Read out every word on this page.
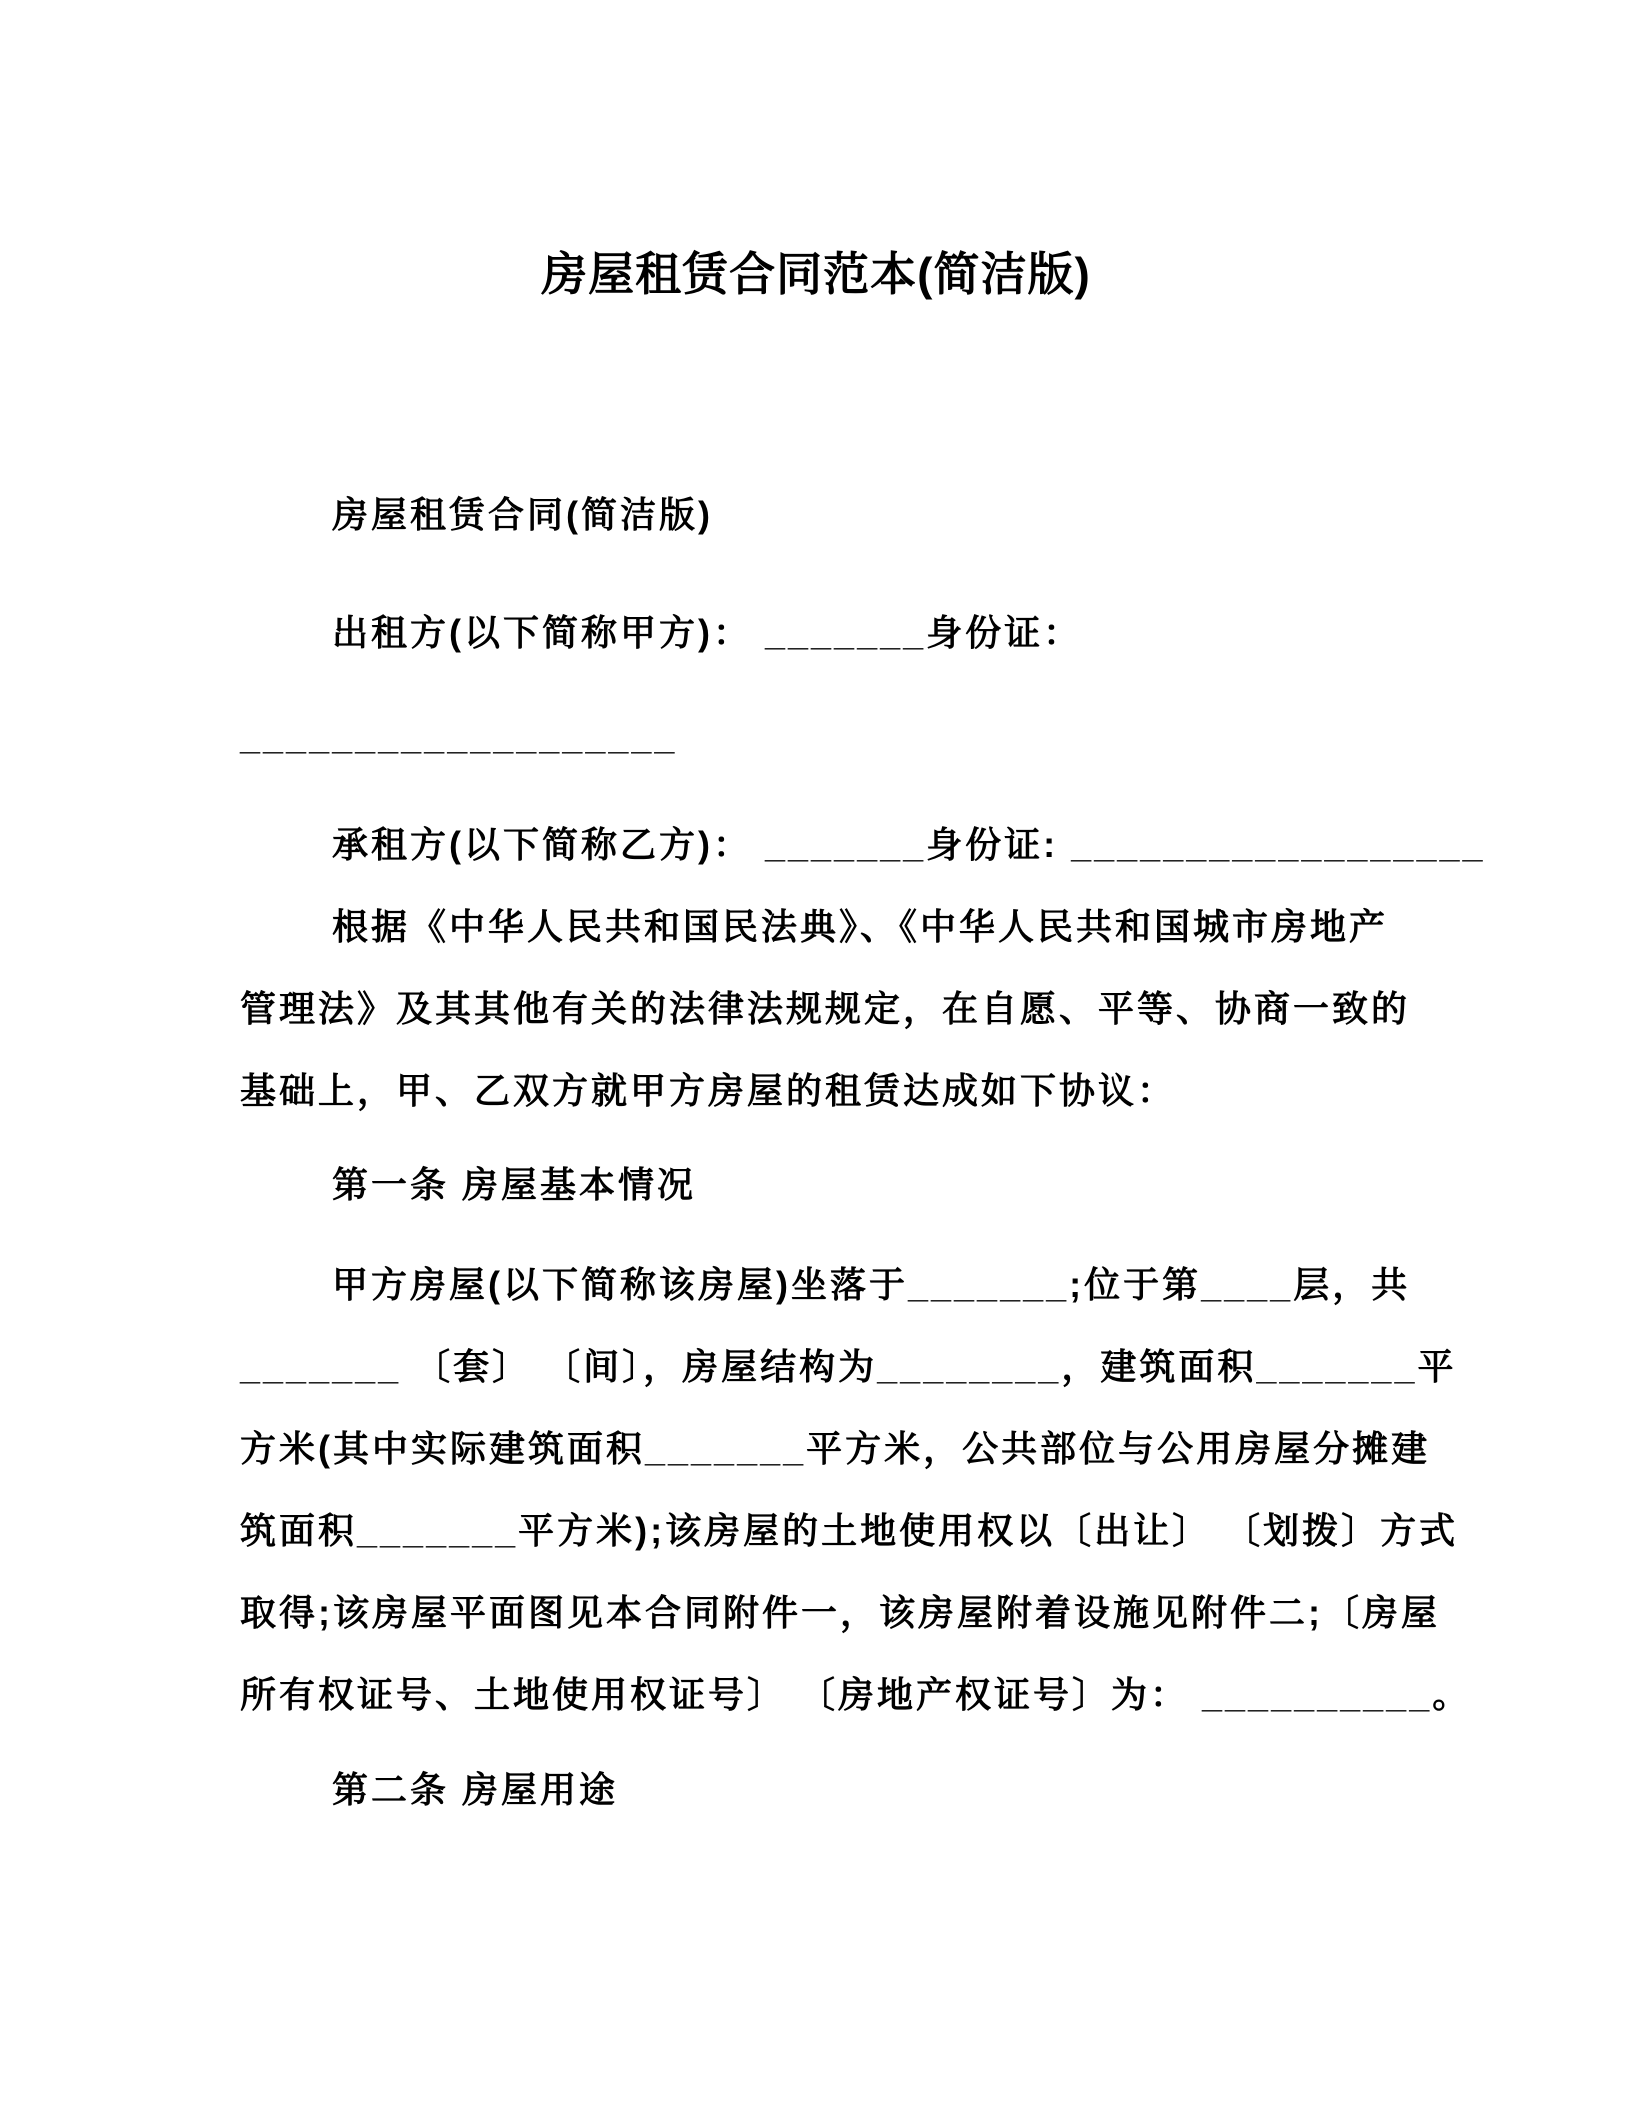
房屋租赁合同范本(简洁版)
房屋租赁合同(简洁版)
出租方(以下简称甲方)： _______身份证：
___________________
承租方(以下简称乙方)： _______身份证: __________________
根据《中华人民共和国民法典》、《中华人民共和国城市房地产
管理法》及其其他有关的法律法规规定，在自愿、平等、协商一致的
基础上，甲、乙双方就甲方房屋的租赁达成如下协议：
第一条 房屋基本情况
甲方房屋(以下简称该房屋)坐落于_______;位于第____层，共
_______ 〔套〕 〔间〕，房屋结构为________，建筑面积_______平
方米(其中实际建筑面积_______平方米，公共部位与公用房屋分摊建
筑面积_______平方米);该房屋的土地使用权以〔出让〕 〔划拨〕方式
取得;该房屋平面图见本合同附件一，该房屋附着设施见附件二;〔房屋
所有权证号、土地使用权证号〕 〔房地产权证号〕为： __________。
第二条 房屋用途
